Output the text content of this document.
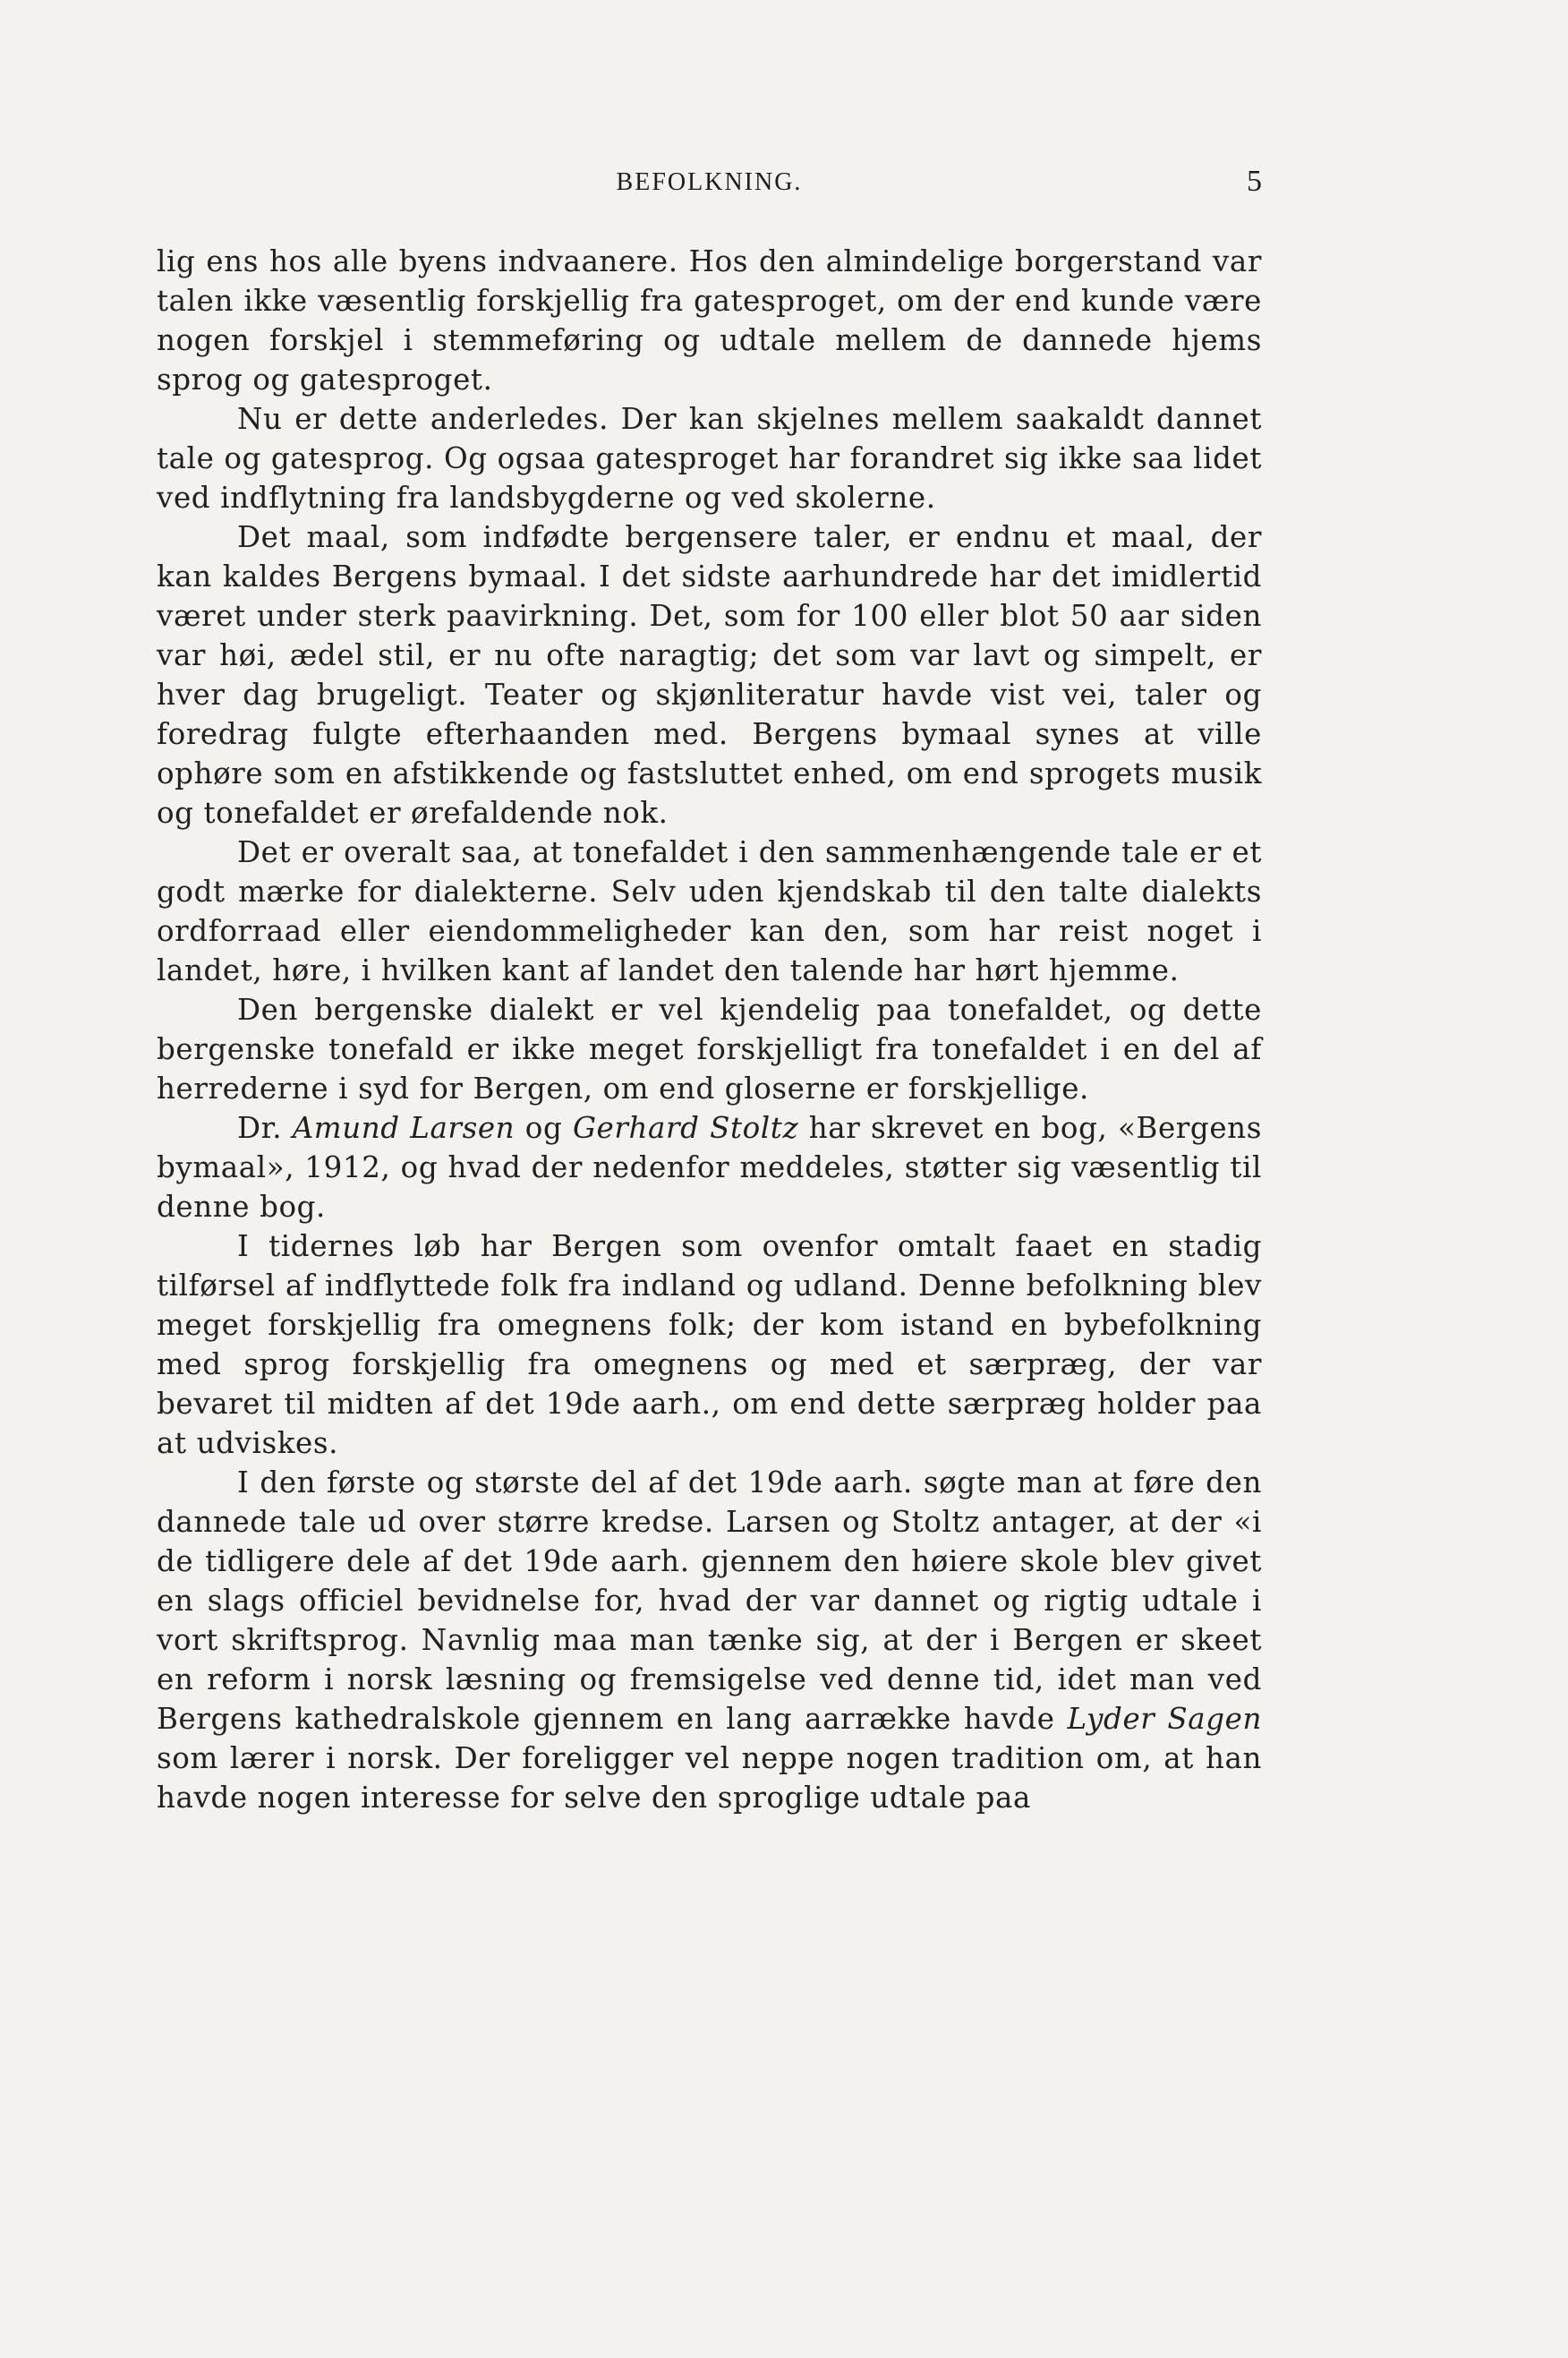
BEFOLKNING.	5

lig ens hos alle byens indvaanere. Hos den almindelige borgerstand var talen ikke væsentlig forskjellig fra gatesproget, om der end kunde være nogen forskjel i stemmeføring og udtale mellem de dannede hjems sprog og gatesproget.

Nu er dette anderledes. Der kan skjelnes mellem saakaldt dannet tale og gatesprog. Og ogsaa gatesproget har forandret sig ikke saa lidet ved indflytning fra landsbygderne og ved skolerne.

Det maal, som indfødte bergensere taler, er endnu et maal, der kan kaldes Bergens bymaal. I det sidste aarhundrede har det imidlertid været under sterk paavirkning. Det, som for 100 eller blot 50 aar siden var høi, ædel stil, er nu ofte naragtig; det som var lavt og simpelt, er hver dag brugeligt. Teater og skjønliteratur havde vist vei, taler og foredrag fulgte efterhaanden med. Bergens bymaal synes at ville ophøre som en afstikkende og fastsluttet enhed, om end sprogets musik og tonefaldet er ørefaldende nok.

Det er overalt saa, at tonefaldet i den sammenhængende tale er et godt mærke for dialekterne. Selv uden kjendskab til den talte dialekts ordforraad eller eiendommeligheder kan den, som har reist noget i landet, høre, i hvilken kant af landet den talende har hørt hjemme.

Den bergenske dialekt er vel kjendelig paa tonefaldet, og dette bergenske tonefald er ikke meget forskjelligt fra tonefaldet i en del af herrederne i syd for Bergen, om end gloserne er forskjellige.

Dr. Amund Larsen og Gerhard Stoltz har skrevet en bog, «Bergens bymaal», 1912, og hvad der nedenfor meddeles, støtter sig væsentlig til denne bog.

I tidernes løb har Bergen som ovenfor omtalt faaet en stadig tilførsel af indflyttede folk fra indland og udland. Denne befolkning blev meget forskjellig fra omegnens folk; der kom istand en bybefolkning med sprog forskjellig fra omegnens og med et særpræg, der var bevaret til midten af det 19de aarh., om end dette særpræg holder paa at udviskes.

I den første og største del af det 19de aarh. søgte man at føre den dannede tale ud over større kredse. Larsen og Stoltz antager, at der «i de tidligere dele af det 19de aarh. gjennem den høiere skole blev givet en slags officiel bevidnelse for, hvad der var dannet og rigtig udtale i vort skriftsprog. Navnlig maa man tænke sig, at der i Bergen er skeet en reform i norsk læsning og fremsigelse ved denne tid, idet man ved Bergens kathedralskole gjennem en lang aarrække havde Lyder Sagen som lærer i norsk. Der foreligger vel neppe nogen tradition om, at han havde nogen interesse for selve den sproglige udtale paa
